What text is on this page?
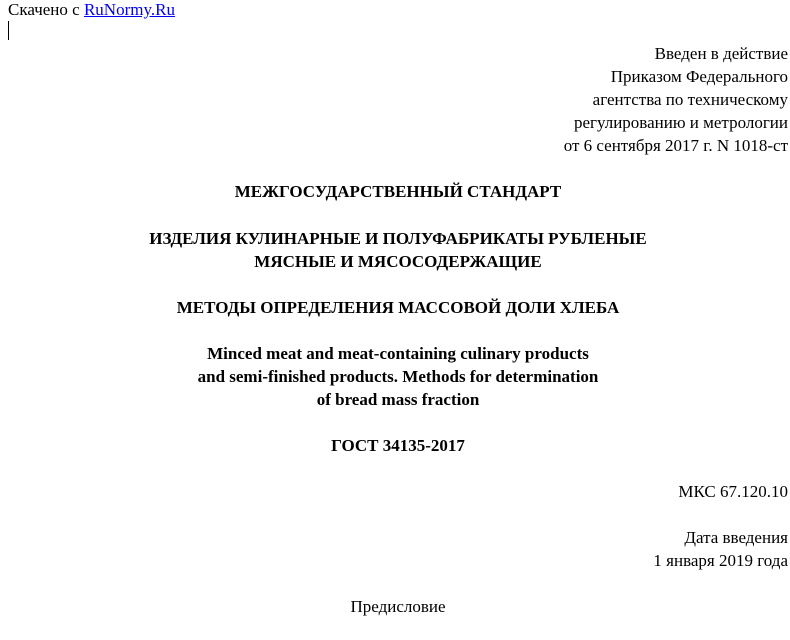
Скачено с RuNormy.Ru
Введен в действие
Приказом Федерального
агентства по техническому
регулированию и метрологии
от 6 сентября 2017 г. N 1018-ст
МЕЖГОСУДАРСТВЕННЫЙ СТАНДАРТ
ИЗДЕЛИЯ КУЛИНАРНЫЕ И ПОЛУФАБРИКАТЫ РУБЛЕНЫЕ
МЯСНЫЕ И МЯСОСОДЕРЖАЩИЕ
МЕТОДЫ ОПРЕДЕЛЕНИЯ МАССОВОЙ ДОЛИ ХЛЕБА
Minced meat and meat-containing culinary products
and semi-finished products. Methods for determination
of bread mass fraction
ГОСТ 34135-2017
МКС 67.120.10
Дата введения
1 января 2019 года
Предисловие
